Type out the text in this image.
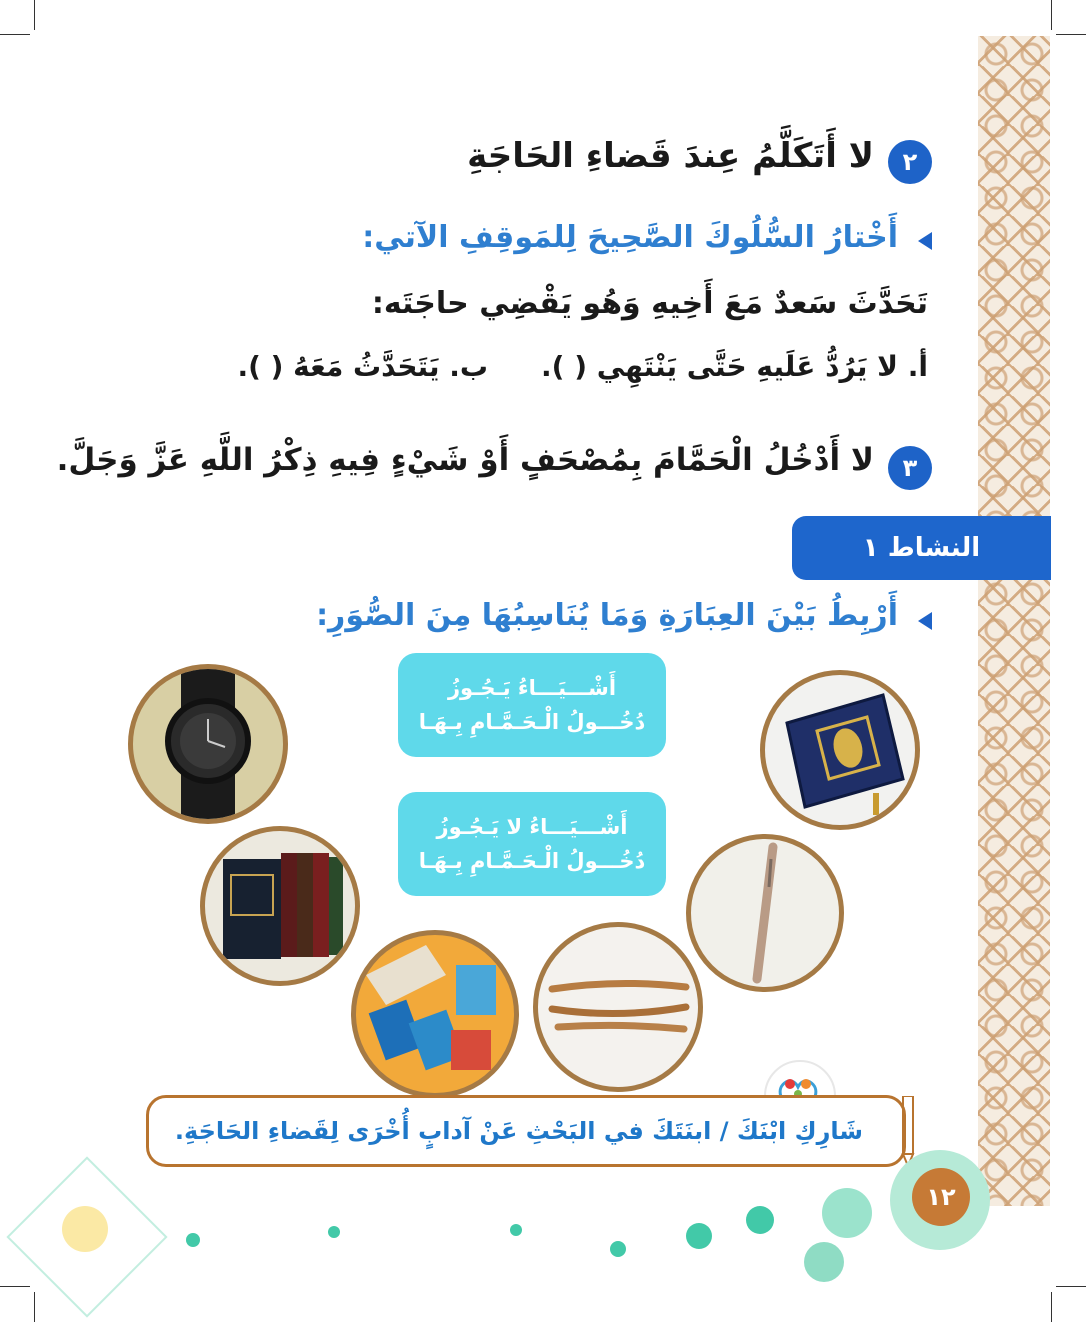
٢
لا أَتَكَلَّمُ عِندَ قَضاءِ الحَاجَةِ
أَخْتارُ السُّلُوكَ الصَّحِيحَ لِلمَوقِفِ الآتي:
تَحَدَّثَ سَعدٌ مَعَ أَخِيهِ وَهُو يَقْضِي حاجَتَه:
أ. لا يَرُدُّ عَلَيهِ حَتَّى يَنْتَهِي ( ).
ب. يَتَحَدَّثُ مَعَهُ ( ).
٣
لا أَدْخُلُ الْحَمَّامَ بِمُصْحَفٍ أَوْ شَيْءٍ فِيهِ ذِكْرُ اللَّهِ عَزَّ وَجَلَّ.
النشاط ١
أَرْبِطُ بَيْنَ العِبَارَةِ وَمَا يُنَاسِبُهَا مِنَ الصُّوَرِ:
أَشْـــيَـــاءُ يَـجُـوزُ
دُخُـــولُ الْـحَـمَّـامِ بِـهَـا
أَشْـــيَـــاءُ لا يَـجُـوزُ
دُخُـــولُ الْـحَـمَّـامِ بِـهَـا
شَارِكِ ابْنَكَ / ابنَتَكَ في البَحْثِ عَنْ آدابٍ أُخْرَى لِقَضاءِ الحَاجَةِ.
١٢
